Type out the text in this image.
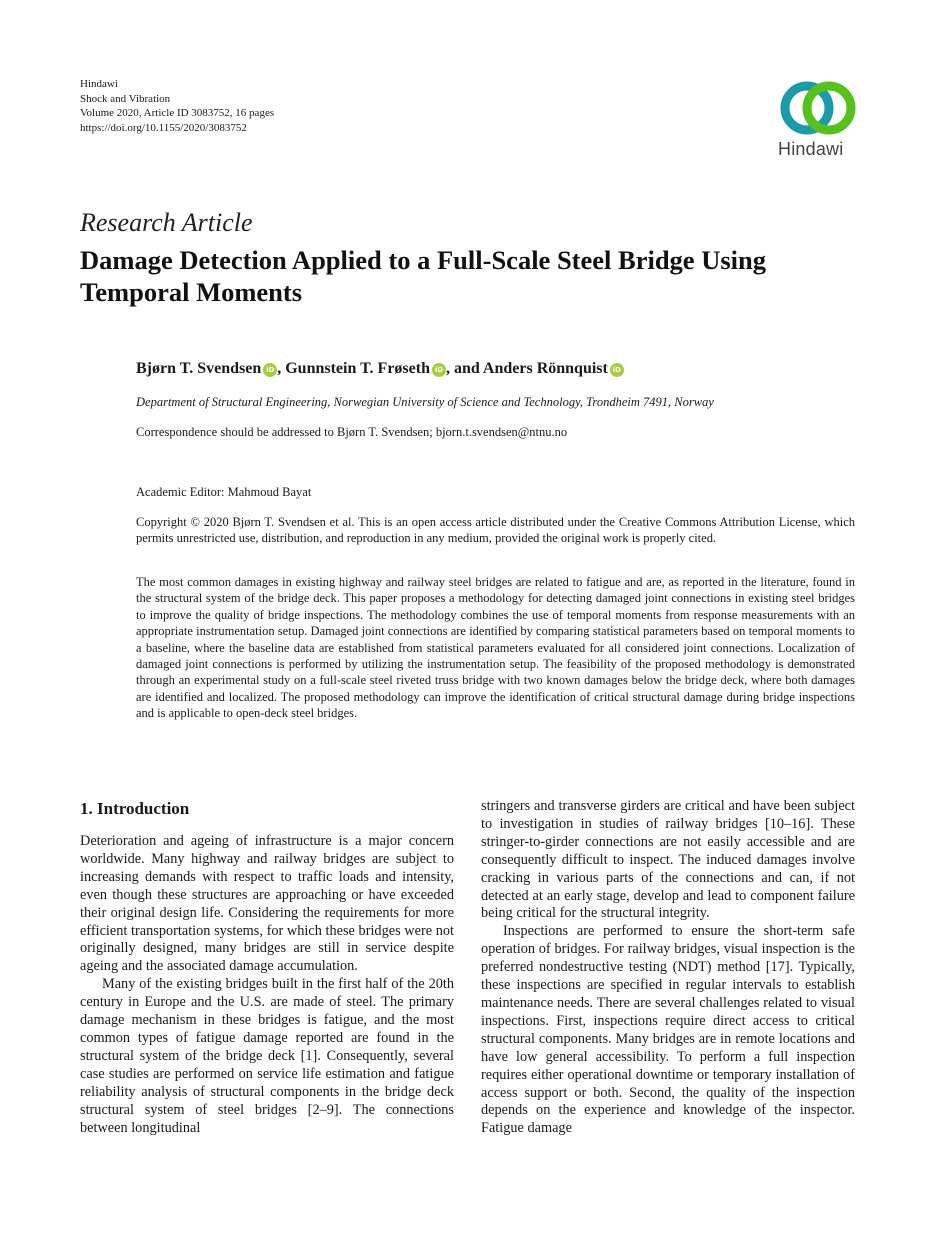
Hindawi
Shock and Vibration
Volume 2020, Article ID 3083752, 16 pages
https://doi.org/10.1155/2020/3083752
Hindawi
Research Article
Damage Detection Applied to a Full-Scale Steel Bridge Using Temporal Moments
Bjørn T. Svendsen iD , Gunnstein T. Frøseth iD , and Anders Rönnquist iD
Department of Structural Engineering, Norwegian University of Science and Technology, Trondheim 7491, Norway
Correspondence should be addressed to Bjørn T. Svendsen; bjorn.t.svendsen@ntnu.no
Academic Editor: Mahmoud Bayat
Copyright © 2020 Bjørn T. Svendsen et al. This is an open access article distributed under the Creative Commons Attribution License, which permits unrestricted use, distribution, and reproduction in any medium, provided the original work is properly cited.
The most common damages in existing highway and railway steel bridges are related to fatigue and are, as reported in the literature, found in the structural system of the bridge deck. This paper proposes a methodology for detecting damaged joint connections in existing steel bridges to improve the quality of bridge inspections. The methodology combines the use of temporal moments from response measurements with an appropriate instrumentation setup. Damaged joint connections are identified by comparing statistical parameters based on temporal moments to a baseline, where the baseline data are established from statistical parameters evaluated for all considered joint connections. Localization of damaged joint connections is performed by utilizing the instrumentation setup. The feasibility of the proposed methodology is demonstrated through an experimental study on a full-scale steel riveted truss bridge with two known damages below the bridge deck, where both damages are identified and localized. The proposed methodology can improve the identification of critical structural damage during bridge inspections and is applicable to open-deck steel bridges.
1. Introduction

Deterioration and ageing of infrastructure is a major concern worldwide. Many highway and railway bridges are subject to increasing demands with respect to traffic loads and intensity, even though these structures are approaching or have exceeded their original design life. Considering the requirements for more efficient transportation systems, for which these bridges were not originally designed, many bridges are still in service despite ageing and the associated damage accumulation.

Many of the existing bridges built in the first half of the 20th century in Europe and the U.S. are made of steel. The primary damage mechanism in these bridges is fatigue, and the most common types of fatigue damage reported are found in the structural system of the bridge deck [1]. Consequently, several case studies are performed on service life estimation and fatigue reliability analysis of structural components in the bridge deck structural system of steel bridges [2–9]. The connections between longitudinal

stringers and transverse girders are critical and have been subject to investigation in studies of railway bridges [10–16]. These stringer-to-girder connections are not easily accessible and are consequently difficult to inspect. The induced damages involve cracking in various parts of the connections and can, if not detected at an early stage, develop and lead to component failure being critical for the structural integrity.

Inspections are performed to ensure the short-term safe operation of bridges. For railway bridges, visual inspection is the preferred nondestructive testing (NDT) method [17]. Typically, these inspections are specified in regular intervals to establish maintenance needs. There are several challenges related to visual inspections. First, inspections require direct access to critical structural components. Many bridges are in remote locations and have low general accessibility. To perform a full inspection requires either operational downtime or temporary installation of access support or both. Second, the quality of the inspection depends on the experience and knowledge of the inspector. Fatigue damage
